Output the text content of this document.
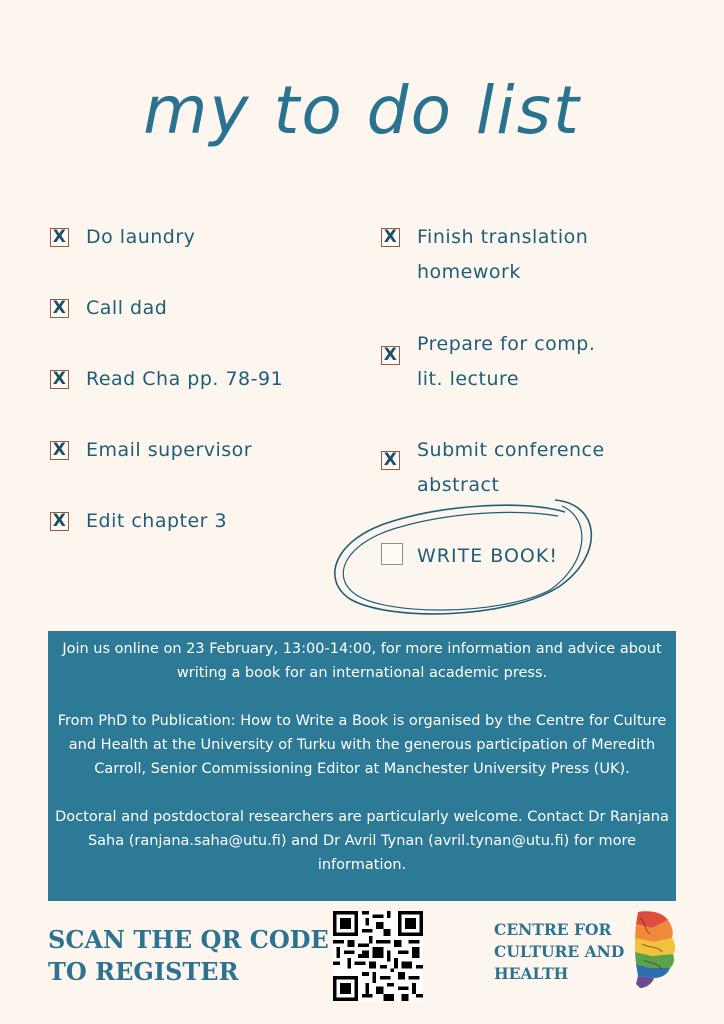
my to do list
X Do laundry
X Call dad
X Read Cha pp. 78-91
X Email supervisor
X Edit chapter 3
X Finish translation
homework
X Prepare for comp.
lit. lecture
X Submit conference
abstract
WRITE BOOK!

Join us online on 23 February, 13:00-14:00, for more information and advice about writing a book for an international academic press.

From PhD to Publication: How to Write a Book is organised by the Centre for Culture and Health at the University of Turku with the generous participation of Meredith Carroll, Senior Commissioning Editor at Manchester University Press (UK).

Doctoral and postdoctoral researchers are particularly welcome. Contact Dr Ranjana Saha (ranjana.saha@utu.fi) and Dr Avril Tynan (avril.tynan@utu.fi) for more information.

SCAN THE QR CODE
TO REGISTER
CENTRE FOR
CULTURE AND
HEALTH
